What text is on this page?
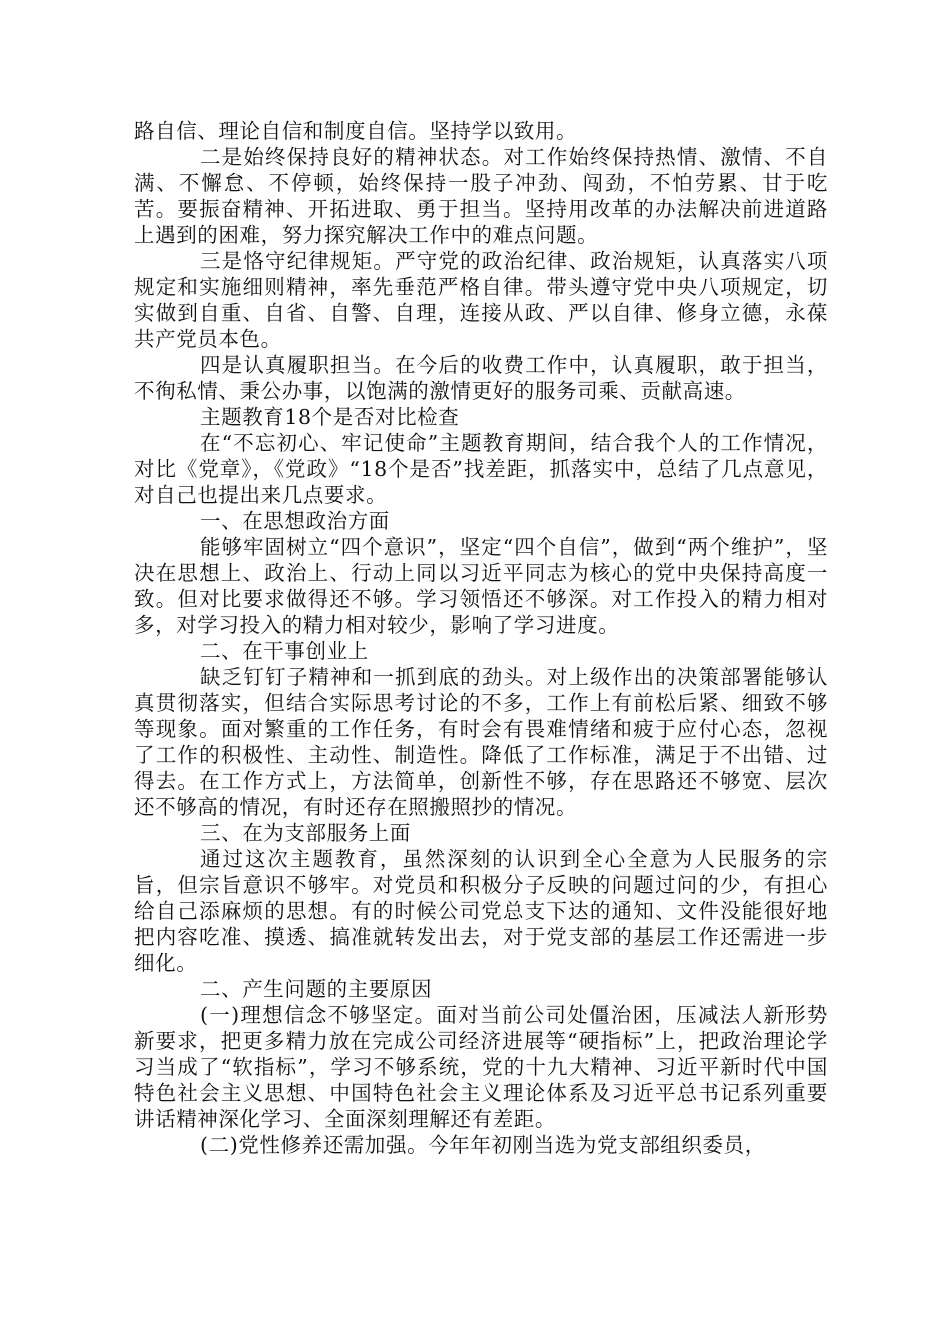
路自信、理论自信和制度自信。坚持学以致用。

二是始终保持良好的精神状态。对工作始终保持热情、激情、不自满、不懈怠、不停顿，始终保持一股子冲劲、闯劲，不怕劳累、甘于吃苦。要振奋精神、开拓进取、勇于担当。坚持用改革的办法解决前进道路上遇到的困难，努力探究解决工作中的难点问题。

三是恪守纪律规矩。严守党的政治纪律、政治规矩，认真落实八项规定和实施细则精神，率先垂范严格自律。带头遵守党中央八项规定，切实做到自重、自省、自警、自理，连接从政、严以自律、修身立德，永葆共产党员本色。

四是认真履职担当。在今后的收费工作中，认真履职，敢于担当，不徇私情、秉公办事，以饱满的激情更好的服务司乘、贡献高速。

主题教育18个是否对比检查

在“不忘初心、牢记使命”主题教育期间，结合我个人的工作情况，对比《党章》，《党政》“18个是否”找差距，抓落实中，总结了几点意见，对自己也提出来几点要求。

一、在思想政治方面

能够牢固树立“四个意识”，坚定“四个自信”，做到“两个维护”，坚决在思想上、政治上、行动上同以习近平同志为核心的党中央保持高度一致。但对比要求做得还不够。学习领悟还不够深。对工作投入的精力相对多，对学习投入的精力相对较少，影响了学习进度。

二、在干事创业上

缺乏钉钉子精神和一抓到底的劲头。对上级作出的决策部署能够认真贯彻落实，但结合实际思考讨论的不多，工作上有前松后紧、细致不够等现象。面对繁重的工作任务，有时会有畏难情绪和疲于应付心态，忽视了工作的积极性、主动性、制造性。降低了工作标准，满足于不出错、过得去。在工作方式上，方法简单，创新性不够，存在思路还不够宽、层次还不够高的情况，有时还存在照搬照抄的情况。

三、在为支部服务上面

通过这次主题教育，虽然深刻的认识到全心全意为人民服务的宗旨，但宗旨意识不够牢。对党员和积极分子反映的问题过问的少，有担心给自己添麻烦的思想。有的时候公司党总支下达的通知、文件没能很好地把内容吃准、摸透、搞准就转发出去，对于党支部的基层工作还需进一步细化。

二、产生问题的主要原因

(一)理想信念不够坚定。面对当前公司处僵治困，压减法人新形势新要求，把更多精力放在完成公司经济进展等“硬指标”上，把政治理论学习当成了“软指标”，学习不够系统，党的十九大精神、习近平新时代中国特色社会主义思想、中国特色社会主义理论体系及习近平总书记系列重要讲话精神深化学习、全面深刻理解还有差距。

(二)党性修养还需加强。今年年初刚当选为党支部组织委员，
